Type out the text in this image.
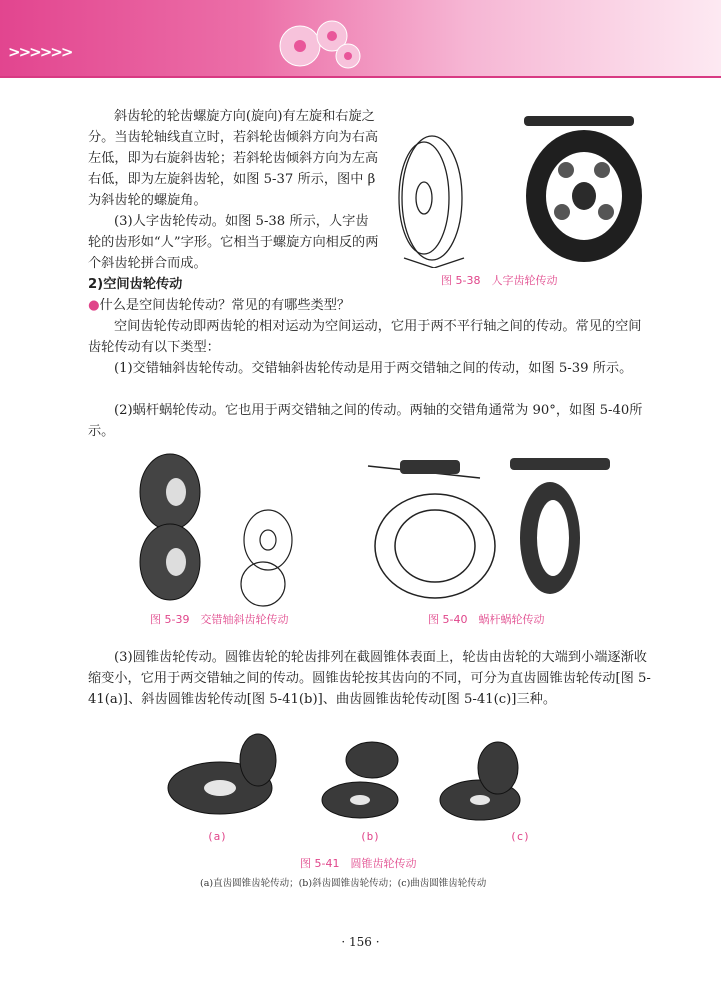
>>>>>>

斜齿轮的轮齿螺旋方向(旋向)有左旋和右旋之分。当齿轮轴线直立时，若斜轮齿倾斜方向为右高左低，即为右旋斜齿轮；若斜轮齿倾斜方向为左高右低，即为左旋斜齿轮，如图 5-37 所示，图中 β 为斜齿轮的螺旋角。

(3)人字齿轮传动。如图 5-38 所示，人字齿轮的齿形如“人”字形。它相当于螺旋方向相反的两个斜齿轮拼合而成。

图 5-38　人字齿轮传动

2)空间齿轮传动

●什么是空间齿轮传动？常见的有哪些类型？

空间齿轮传动即两齿轮的相对运动为空间运动，它用于两不平行轴之间的传动。常见的空间齿轮传动有以下类型：

(1)交错轴斜齿轮传动。交错轴斜齿轮传动是用于两交错轴之间的传动，如图 5-39 所示。

(2)蜗杆蜗轮传动。它也用于两交错轴之间的传动。两轴的交错角通常为 90°，如图 5-40所示。

图 5-39　交错轴斜齿轮传动	图 5-40　蜗杆蜗轮传动

(3)圆锥齿轮传动。圆锥齿轮的轮齿排列在截圆锥体表面上，轮齿由齿轮的大端到小端逐渐收缩变小，它用于两交错轴之间的传动。圆锥齿轮按其齿向的不同，可分为直齿圆锥齿轮传动[图 5-41(a)]、斜齿圆锥齿轮传动[图 5-41(b)]、曲齿圆锥齿轮传动[图 5-41(c)]三种。

(a)	(b)	(c)
图 5-41　圆锥齿轮传动
(a)直齿圆锥齿轮传动；(b)斜齿圆锥齿轮传动；(c)曲齿圆锥齿轮传动
· 156 ·
